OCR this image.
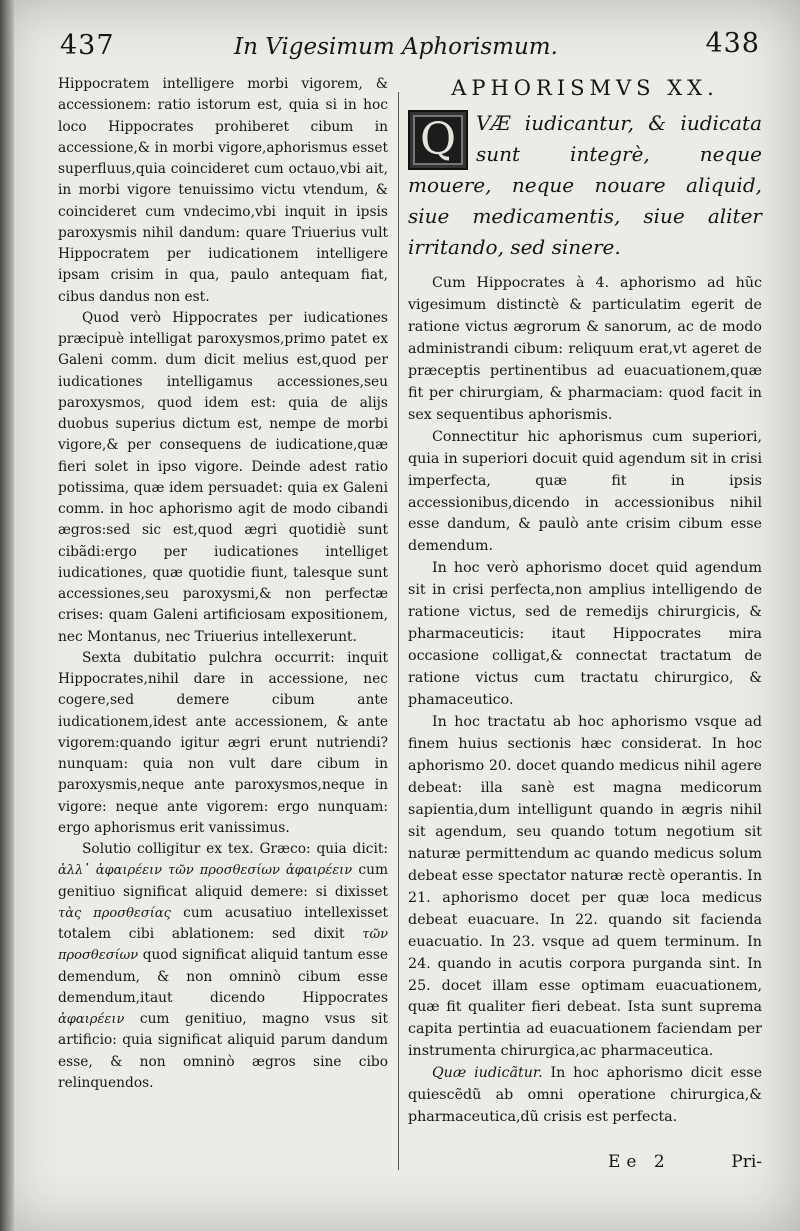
437	In Vigesimum Aphorismum.	438

Hippocratem intelligere morbi vigorem, & accessionem: ratio istorum est, quia si in hoc loco Hippocrates prohiberet cibum in accessione,& in morbi vigore,aphorismus esset superfluus,quia coincideret cum octauo,vbi ait, in morbi vigore tenuissimo victu vtendum, & coincideret cum vndecimo,vbi inquit in ipsis paroxysmis nihil dandum: quare Triuerius vult Hippocratem per iudicationem intelligere ipsam crisim in qua, paulo antequam fiat, cibus dandus non est.

Quod verò Hippocrates per iudicationes præcipuè intelligat paroxysmos,primo patet ex Galeni comm. dum dicit melius est,quod per iudicationes intelligamus accessiones,seu paroxysmos, quod idem est: quia de alijs duobus superius dictum est, nempe de morbi vigore,& per consequens de iudicatione,quæ fieri solet in ipso vigore. Deinde adest ratio potissima, quæ idem persuadet: quia ex Galeni comm. in hoc aphorismo agit de modo cibandi ægros:sed sic est,quod ægri quotidiè sunt cibãdi:ergo per iudicationes intelliget iudicationes, quæ quotidie fiunt, talesque sunt accessiones,seu paroxysmi,& non perfectæ crises: quam Galeni artificiosam expositionem, nec Montanus, nec Triuerius intellexerunt.

Sexta dubitatio pulchra occurrit: inquit Hippocrates,nihil dare in accessione, nec cogere,sed demere cibum ante iudicationem,idest ante accessionem, & ante vigorem:quando igitur ægri erunt nutriendi? nunquam: quia non vult dare cibum in paroxysmis,neque ante paroxysmos,neque in vigore: neque ante vigorem: ergo nunquam: ergo aphorismus erit vanissimus.

Solutio colligitur ex tex. Græco: quia dicit: ἀλλ᾽ ἀφαιρέειν τῶν προσθεσίων ἀφαιρέειν cum genitiuo significat aliquid demere: si dixisset τὰς προσθεσίας cum acusatiuo intellexisset totalem cibi ablationem: sed dixit τῶν προσθεσίων quod significat aliquid tantum esse demendum, & non omninò cibum esse demendum,itaut dicendo Hippocrates ἀφαιρέειν cum genitiuo, magno vsus sit artificio: quia significat aliquid parum dandum esse, & non omninò ægros sine cibo relinquendos.

APHORISMVS XX.
Q VÆ iudicantur, & iudicata sunt integrè, neque mouere, neque nouare aliquid, siue medicamentis, siue aliter irritando, sed sinere.

Cum Hippocrates à 4. aphorismo ad hũc vigesimum distinctè & particulatim egerit de ratione victus ægrorum & sanorum, ac de modo administrandi cibum: reliquum erat,vt ageret de præceptis pertinentibus ad euacuationem,quæ fit per chirurgiam, & pharmaciam: quod facit in sex sequentibus aphorismis.

Connectitur hic aphorismus cum superiori, quia in superiori docuit quid agendum sit in crisi imperfecta, quæ fit in ipsis accessionibus,dicendo in accessionibus nihil esse dandum, & paulò ante crisim cibum esse demendum.

In hoc verò aphorismo docet quid agendum sit in crisi perfecta,non amplius intelligendo de ratione victus, sed de remedijs chirurgicis, & pharmaceuticis: itaut Hippocrates mira occasione colligat,& connectat tractatum de ratione victus cum tractatu chirurgico, & phamaceutico.

In hoc tractatu ab hoc aphorismo vsque ad finem huius sectionis hæc considerat. In hoc aphorismo 20. docet quando medicus nihil agere debeat: illa sanè est magna medicorum sapientia,dum intelligunt quando in ægris nihil sit agendum, seu quando totum negotium sit naturæ permittendum ac quando medicus solum debeat esse spectator naturæ rectè operantis. In 21. aphorismo docet per quæ loca medicus debeat euacuare. In 22. quando sit facienda euacuatio. In 23. vsque ad quem terminum. In 24. quando in acutis corpora purganda sint. In 25. docet illam esse optimam euacuationem, quæ fit qualiter fieri debeat. Ista sunt suprema capita pertintia ad euacuationem faciendam per instrumenta chirurgica,ac pharmaceutica.

Quæ iudicãtur. In hoc aphorismo dicit esse quiescẽdũ ab omni operatione chirurgica,& pharmaceutica,dũ crisis est perfecta.

Ee 2	Pri-
